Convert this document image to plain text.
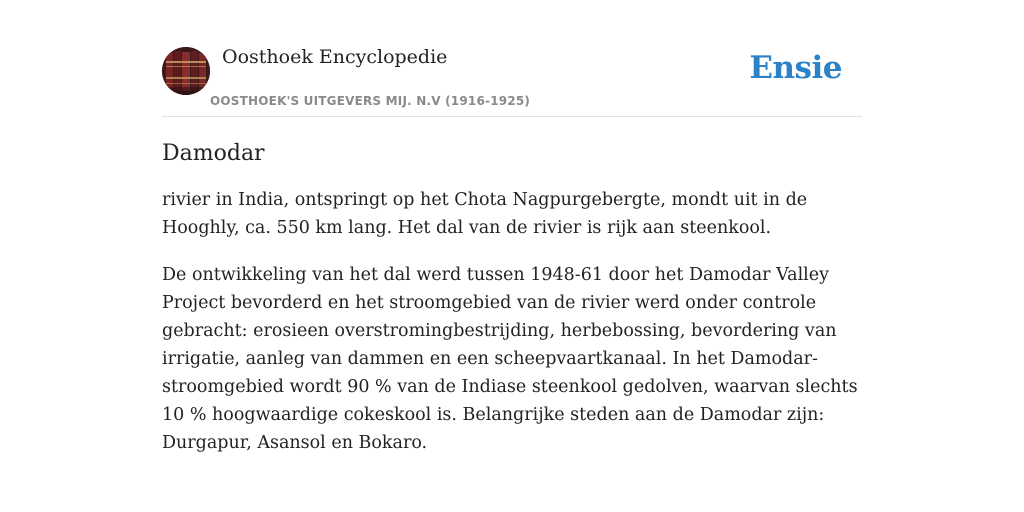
Oosthoek Encyclopedie
OOSTHOEK'S UITGEVERS MIJ. N.V (1916-1925)
Ensie
Damodar

rivier in India, ontspringt op het Chota Nagpurgebergte, mondt uit in de Hooghly, ca. 550 km lang. Het dal van de rivier is rijk aan steenkool.

De ontwikkeling van het dal werd tussen 1948-61 door het Damodar Valley Project bevorderd en het stroomgebied van de rivier werd onder controle gebracht: erosieen overstromingbestrijding, herbebossing, bevordering van irrigatie, aanleg van dammen en een scheepvaartkanaal. In het Damodar-stroomgebied wordt 90 % van de Indiase steenkool gedolven, waarvan slechts 10 % hoogwaardige cokeskool is. Belangrijke steden aan de Damodar zijn: Durgapur, Asansol en Bokaro.
